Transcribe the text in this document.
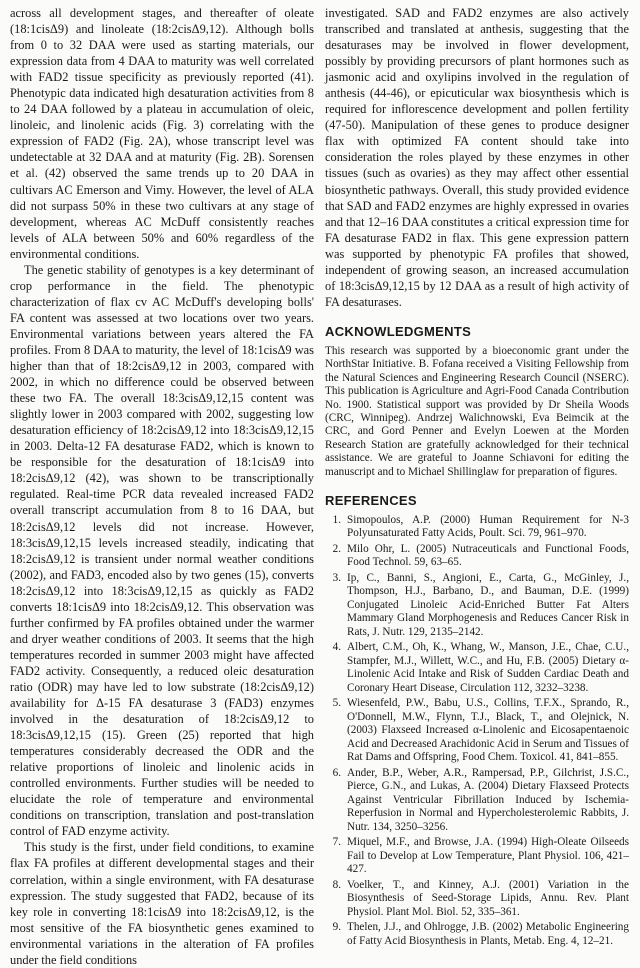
across all development stages, and thereafter of oleate (18:1cisΔ9) and linoleate (18:2cisΔ9,12). Although bolls from 0 to 32 DAA were used as starting materials, our expression data from 4 DAA to maturity was well correlated with FAD2 tissue specificity as previously reported (41). Phenotypic data indicated high desaturation activities from 8 to 24 DAA followed by a plateau in accumulation of oleic, linoleic, and linolenic acids (Fig. 3) correlating with the expression of FAD2 (Fig. 2A), whose transcript level was undetectable at 32 DAA and at maturity (Fig. 2B). Sorensen et al. (42) observed the same trends up to 20 DAA in cultivars AC Emerson and Vimy. However, the level of ALA did not surpass 50% in these two cultivars at any stage of development, whereas AC McDuff consistently reaches levels of ALA between 50% and 60% regardless of the environmental conditions.

The genetic stability of genotypes is a key determinant of crop performance in the field. The phenotypic characterization of flax cv AC McDuff's developing bolls' FA content was assessed at two locations over two years. Environmental variations between years altered the FA profiles. From 8 DAA to maturity, the level of 18:1cisΔ9 was higher than that of 18:2cisΔ9,12 in 2003, compared with 2002, in which no difference could be observed between these two FA. The overall 18:3cisΔ9,12,15 content was slightly lower in 2003 compared with 2002, suggesting low desaturation efficiency of 18:2cisΔ9,12 into 18:3cisΔ9,12,15 in 2003. Delta-12 FA desaturase FAD2, which is known to be responsible for the desaturation of 18:1cisΔ9 into 18:2cisΔ9,12 (42), was shown to be transcriptionally regulated. Real-time PCR data revealed increased FAD2 overall transcript accumulation from 8 to 16 DAA, but 18:2cisΔ9,12 levels did not increase. However, 18:3cisΔ9,12,15 levels increased steadily, indicating that 18:2cisΔ9,12 is transient under normal weather conditions (2002), and FAD3, encoded also by two genes (15), converts 18:2cisΔ9,12 into 18:3cisΔ9,12,15 as quickly as FAD2 converts 18:1cisΔ9 into 18:2cisΔ9,12. This observation was further confirmed by FA profiles obtained under the warmer and dryer weather conditions of 2003. It seems that the high temperatures recorded in summer 2003 might have affected FAD2 activity. Consequently, a reduced oleic desaturation ratio (ODR) may have led to low substrate (18:2cisΔ9,12) availability for Δ-15 FA desaturase 3 (FAD3) enzymes involved in the desaturation of 18:2cisΔ9,12 to 18:3cisΔ9,12,15 (15). Green (25) reported that high temperatures considerably decreased the ODR and the relative proportions of linoleic and linolenic acids in controlled environments. Further studies will be needed to elucidate the role of temperature and environmental conditions on transcription, translation and post-translation control of FAD enzyme activity.

This study is the first, under field conditions, to examine flax FA profiles at different developmental stages and their correlation, within a single environment, with FA desaturase expression. The study suggested that FAD2, because of its key role in converting 18:1cisΔ9 into 18:2cisΔ9,12, is the most sensitive of the FA biosynthetic genes examined to environmental variations in the alteration of FA profiles under the field conditions

investigated. SAD and FAD2 enzymes are also actively transcribed and translated at anthesis, suggesting that the desaturases may be involved in flower development, possibly by providing precursors of plant hormones such as jasmonic acid and oxylipins involved in the regulation of anthesis (44-46), or epicuticular wax biosynthesis which is required for inflorescence development and pollen fertility (47-50). Manipulation of these genes to produce designer flax with optimized FA content should take into consideration the roles played by these enzymes in other tissues (such as ovaries) as they may affect other essential biosynthetic pathways. Overall, this study provided evidence that SAD and FAD2 enzymes are highly expressed in ovaries and that 12–16 DAA constitutes a critical expression time for FA desaturase FAD2 in flax. This gene expression pattern was supported by phenotypic FA profiles that showed, independent of growing season, an increased accumulation of 18:3cisΔ9,12,15 by 12 DAA as a result of high activity of FA desaturases.

ACKNOWLEDGMENTS

This research was supported by a bioeconomic grant under the NorthStar Initiative. B. Fofana received a Visiting Fellowship from the Natural Sciences and Engineering Research Council (NSERC). This publication is Agriculture and Agri-Food Canada Contribution No. 1900. Statistical support was provided by Dr Sheila Woods (CRC, Winnipeg). Andrzej Walichnowski, Eva Beimcik at the CRC, and Gord Penner and Evelyn Loewen at the Morden Research Station are gratefully acknowledged for their technical assistance. We are grateful to Joanne Schiavoni for editing the manuscript and to Michael Shillinglaw for preparation of figures.

REFERENCES
1. Simopoulos, A.P. (2000) Human Requirement for N-3 Polyunsaturated Fatty Acids, Poult. Sci. 79, 961–970.
2. Milo Ohr, L. (2005) Nutraceuticals and Functional Foods, Food Technol. 59, 63–65.
3. Ip, C., Banni, S., Angioni, E., Carta, G., McGinley, J., Thompson, H.J., Barbano, D., and Bauman, D.E. (1999) Conjugated Linoleic Acid-Enriched Butter Fat Alters Mammary Gland Morphogenesis and Reduces Cancer Risk in Rats, J. Nutr. 129, 2135–2142.
4. Albert, C.M., Oh, K., Whang, W., Manson, J.E., Chae, C.U., Stampfer, M.J., Willett, W.C., and Hu, F.B. (2005) Dietary α-Linolenic Acid Intake and Risk of Sudden Cardiac Death and Coronary Heart Disease, Circulation 112, 3232–3238.
5. Wiesenfeld, P.W., Babu, U.S., Collins, T.F.X., Sprando, R., O'Donnell, M.W., Flynn, T.J., Black, T., and Olejnick, N. (2003) Flaxseed Increased α-Linolenic and Eicosapentaenoic Acid and Decreased Arachidonic Acid in Serum and Tissues of Rat Dams and Offspring, Food Chem. Toxicol. 41, 841–855.
6. Ander, B.P., Weber, A.R., Rampersad, P.P., Gilchrist, J.S.C., Pierce, G.N., and Lukas, A. (2004) Dietary Flaxseed Protects Against Ventricular Fibrillation Induced by Ischemia-Reperfusion in Normal and Hypercholesterolemic Rabbits, J. Nutr. 134, 3250–3256.
7. Miquel, M.F., and Browse, J.A. (1994) High-Oleate Oilseeds Fail to Develop at Low Temperature, Plant Physiol. 106, 421–427.
8. Voelker, T., and Kinney, A.J. (2001) Variation in the Biosynthesis of Seed-Storage Lipids, Annu. Rev. Plant Physiol. Plant Mol. Biol. 52, 335–361.
9. Thelen, J.J., and Ohlrogge, J.B. (2002) Metabolic Engineering of Fatty Acid Biosynthesis in Plants, Metab. Eng. 4, 12–21.
